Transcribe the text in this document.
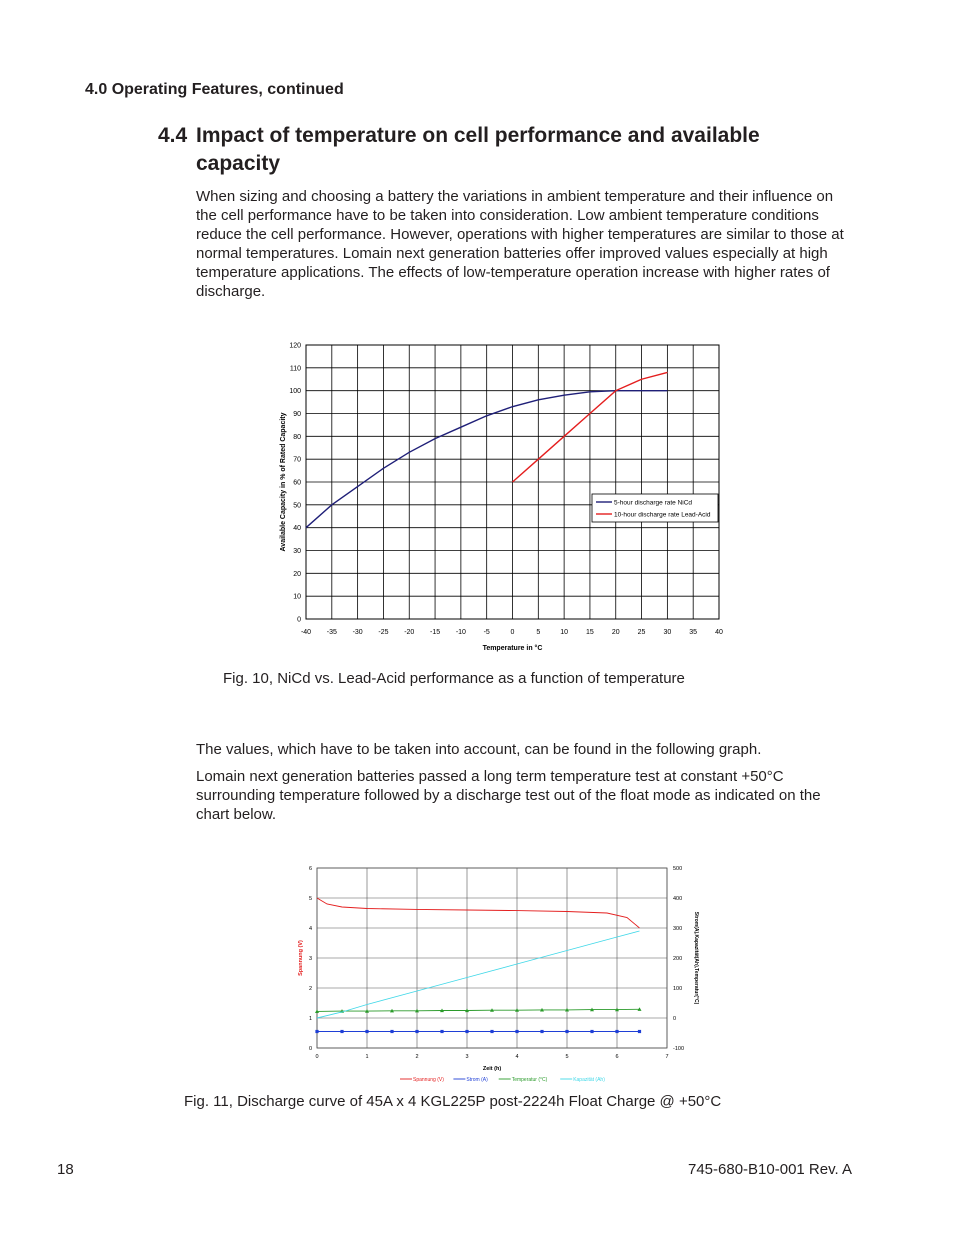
4.0 Operating Features, continued
4.4 Impact of temperature on cell performance and available
capacity

When sizing and choosing a battery the variations in ambient temperature and their influence on the cell performance have to be taken into consideration. Low ambient temperature conditions reduce the cell performance. However, operations with higher temperatures are similar to those at normal temperatures. Lomain next generation batteries offer improved values especially at high temperature applications. The effects of low-temperature operation increase with higher rates of discharge.

-40 -35 -30 -25 -20 -15 -10	-5	0	5	10	15	20	25	30	35	40
0
10
20
30
40
50
60
70
80
90
100
110
120
Temperature in °C
Available Capacity in % of Rated Capacity	5-hour discharge rate NiCd
10-hour discharge rate Lead-Acid
Fig. 10, NiCd vs. Lead-Acid performance as a function of temperature

The values, which have to be taken into account, can be found in the following graph.

Lomain next generation batteries passed a long term temperature test at constant +50°C surrounding temperature followed by a discharge test out of the float mode as indicated on the chart below.

0	1	2	3	4	5	6	7
0
1
2
3
4
5
6
-100
0
100
200
300
400
500
Zeit (h)
Spannung (V)	Strom(A),Kapazität(Ah),Temperatur(°C)
Spannung (V)	Strom (A)	Temperatur (°C)	Kapazität (Ah)
Fig. 11, Discharge curve of 45A x 4 KGL225P post-2224h Float Charge @ +50°C
18	745-680-B10-001 Rev. A
